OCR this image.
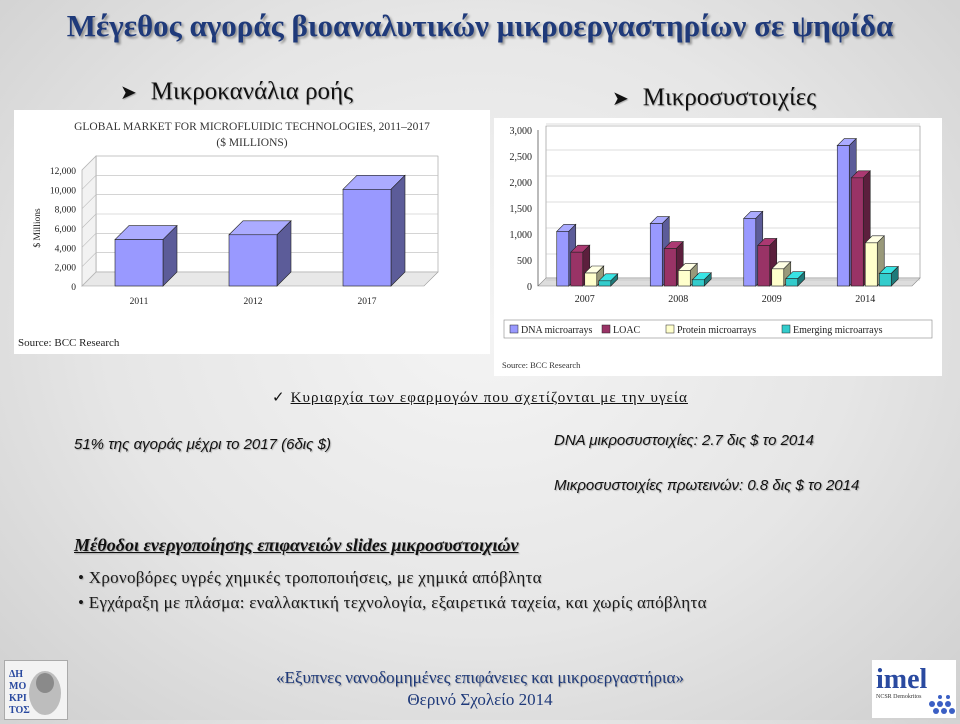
Μέγεθος αγοράς βιοαναλυτικών μικροεργαστηρίων σε ψηφίδα
➤ Μικροκανάλια ροής	➤ Μικροσυστοιχίες
GLOBAL MARKET FOR MICROFLUIDIC TECHNOLOGIES, 2011–2017
($ MILLIONS)
0
2,000
4,000
6,000
8,000
10,000
12,000
$ Millions
2011	2012	2017
Source: BCC Research
0
500
1,000
1,500
2,000
2,500
3,000
2007	2008	2009	2014
DNA microarrays LOAC	Protein microarrays	Emerging microarrays
Source: BCC Research
✓ Κυριαρχία των εφαρμογών που σχετίζονται με την υγεία
51% της αγοράς μέχρι το 2017 (6δις $)	DNA μικροσυστοιχίες: 2.7 δις $ το 2014
Μικροσυστοιχίες πρωτεινών: 0.8 δις $ το 2014
Μέθοδοι ενεργοποίησης επιφανειών slides μικροσυστοιχιών
• Χρονοβόρες υγρές χημικές τροποποιήσεις, με χημικά απόβλητα
• Εγχάραξη με πλάσμα: εναλλακτική τεχνολογία, εξαιρετικά ταχεία, και χωρίς απόβλητα
ΔΗ
ΜΟ
ΚΡΙ
ΤΟΣ
«Εξυπνες νανοδομημένες επιφάνειες και μικροεργαστήρια»
Θερινό Σχολείο 2014
imel
NCSR Demokritos
